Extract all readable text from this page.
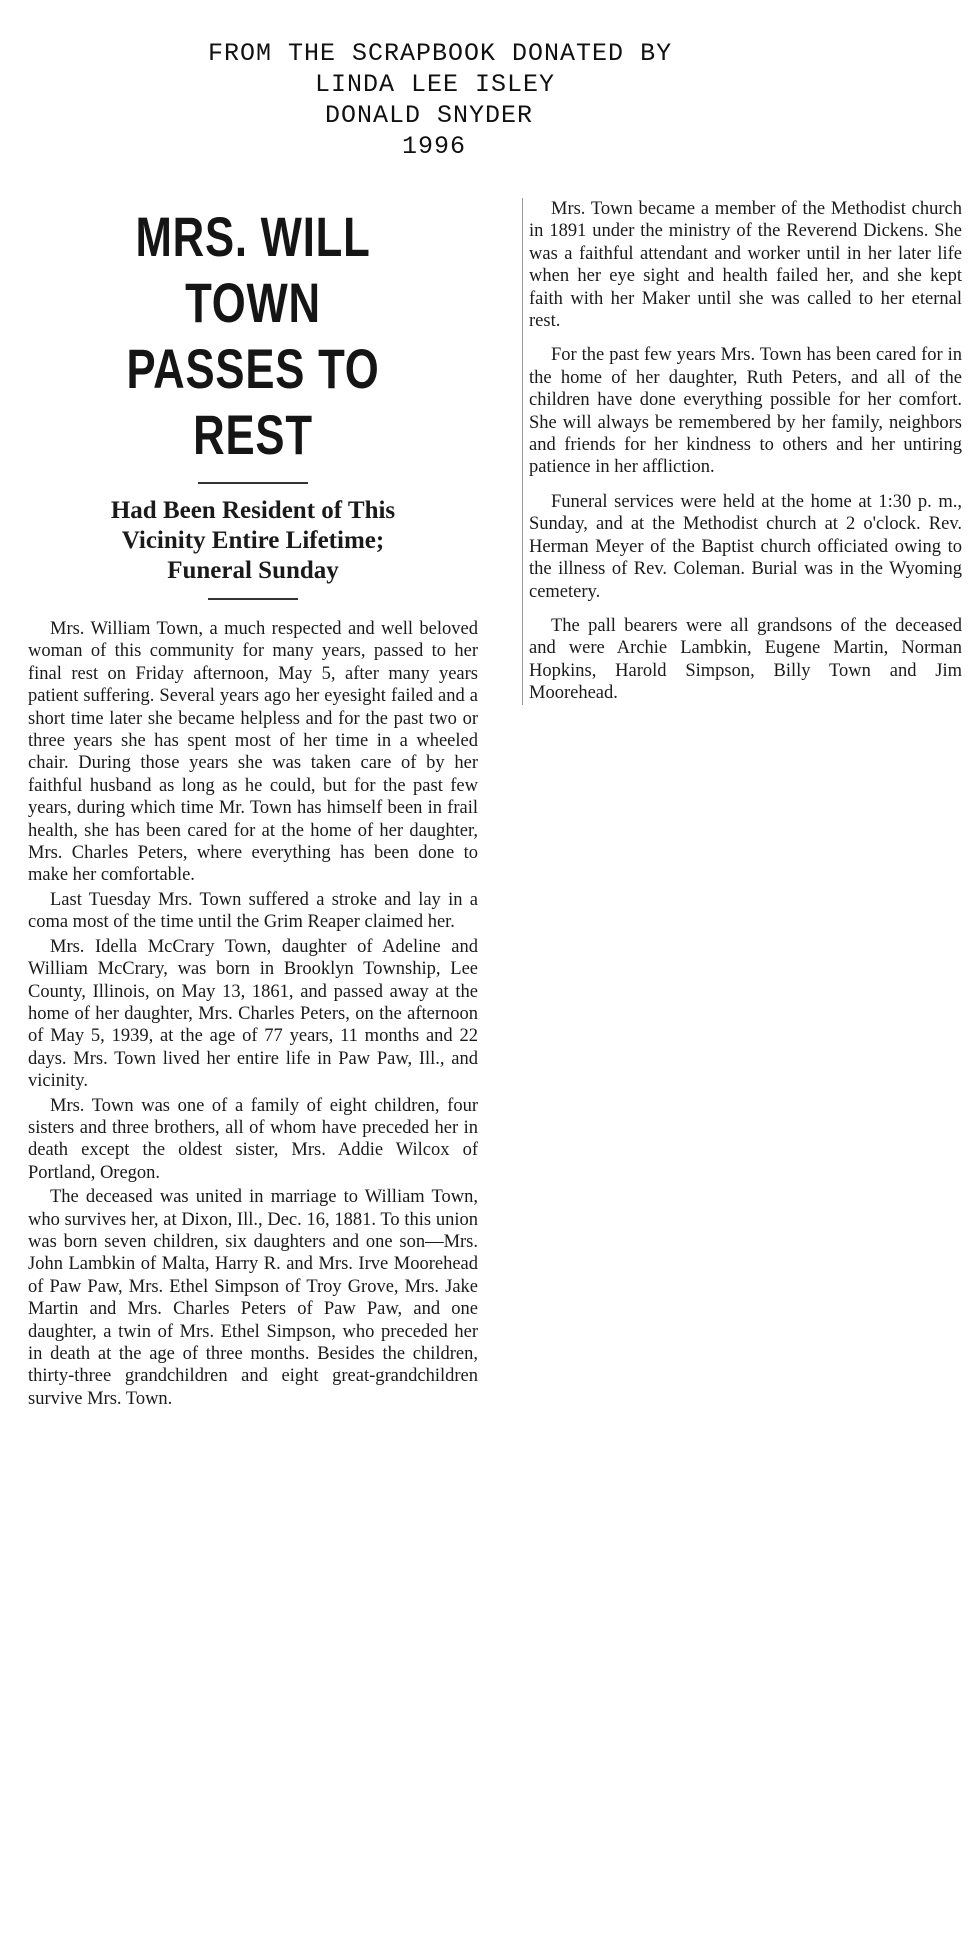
FROM THE SCRAPBOOK DONATED BY
LINDA LEE ISLEY
DONALD SNYDER
1996
MRS. WILL TOWN
PASSES TO REST
Had Been Resident of This
Vicinity Entire Lifetime;
Funeral Sunday

Mrs. William Town, a much respected and well beloved woman of this community for many years, passed to her final rest on Friday afternoon, May 5, after many years patient suffering. Several years ago her eyesight failed and a short time later she became helpless and for the past two or three years she has spent most of her time in a wheeled chair. During those years she was taken care of by her faithful husband as long as he could, but for the past few years, during which time Mr. Town has himself been in frail health, she has been cared for at the home of her daughter, Mrs. Charles Peters, where everything has been done to make her comfortable.

Last Tuesday Mrs. Town suffered a stroke and lay in a coma most of the time until the Grim Reaper claimed her.

Mrs. Idella McCrary Town, daughter of Adeline and William McCrary, was born in Brooklyn Township, Lee County, Illinois, on May 13, 1861, and passed away at the home of her daughter, Mrs. Charles Peters, on the afternoon of May 5, 1939, at the age of 77 years, 11 months and 22 days. Mrs. Town lived her entire life in Paw Paw, Ill., and vicinity.

Mrs. Town was one of a family of eight children, four sisters and three brothers, all of whom have preceded her in death except the oldest sister, Mrs. Addie Wilcox of Portland, Oregon.

The deceased was united in marriage to William Town, who survives her, at Dixon, Ill., Dec. 16, 1881. To this union was born seven children, six daughters and one son—Mrs. John Lambkin of Malta, Harry R. and Mrs. Irve Moorehead of Paw Paw, Mrs. Ethel Simpson of Troy Grove, Mrs. Jake Martin and Mrs. Charles Peters of Paw Paw, and one daughter, a twin of Mrs. Ethel Simpson, who preceded her in death at the age of three months. Besides the children, thirty-three grandchildren and eight great-grandchildren survive Mrs. Town.

Mrs. Town became a member of the Methodist church in 1891 under the ministry of the Reverend Dickens. She was a faithful attendant and worker until in her later life when her eye sight and health failed her, and she kept faith with her Maker until she was called to her eternal rest.

For the past few years Mrs. Town has been cared for in the home of her daughter, Ruth Peters, and all of the children have done everything possible for her comfort. She will always be remembered by her family, neighbors and friends for her kindness to others and her untiring patience in her affliction.

Funeral services were held at the home at 1:30 p. m., Sunday, and at the Methodist church at 2 o'clock. Rev. Herman Meyer of the Baptist church officiated owing to the illness of Rev. Coleman. Burial was in the Wyoming cemetery.

The pall bearers were all grandsons of the deceased and were Archie Lambkin, Eugene Martin, Norman Hopkins, Harold Simpson, Billy Town and Jim Moorehead.
